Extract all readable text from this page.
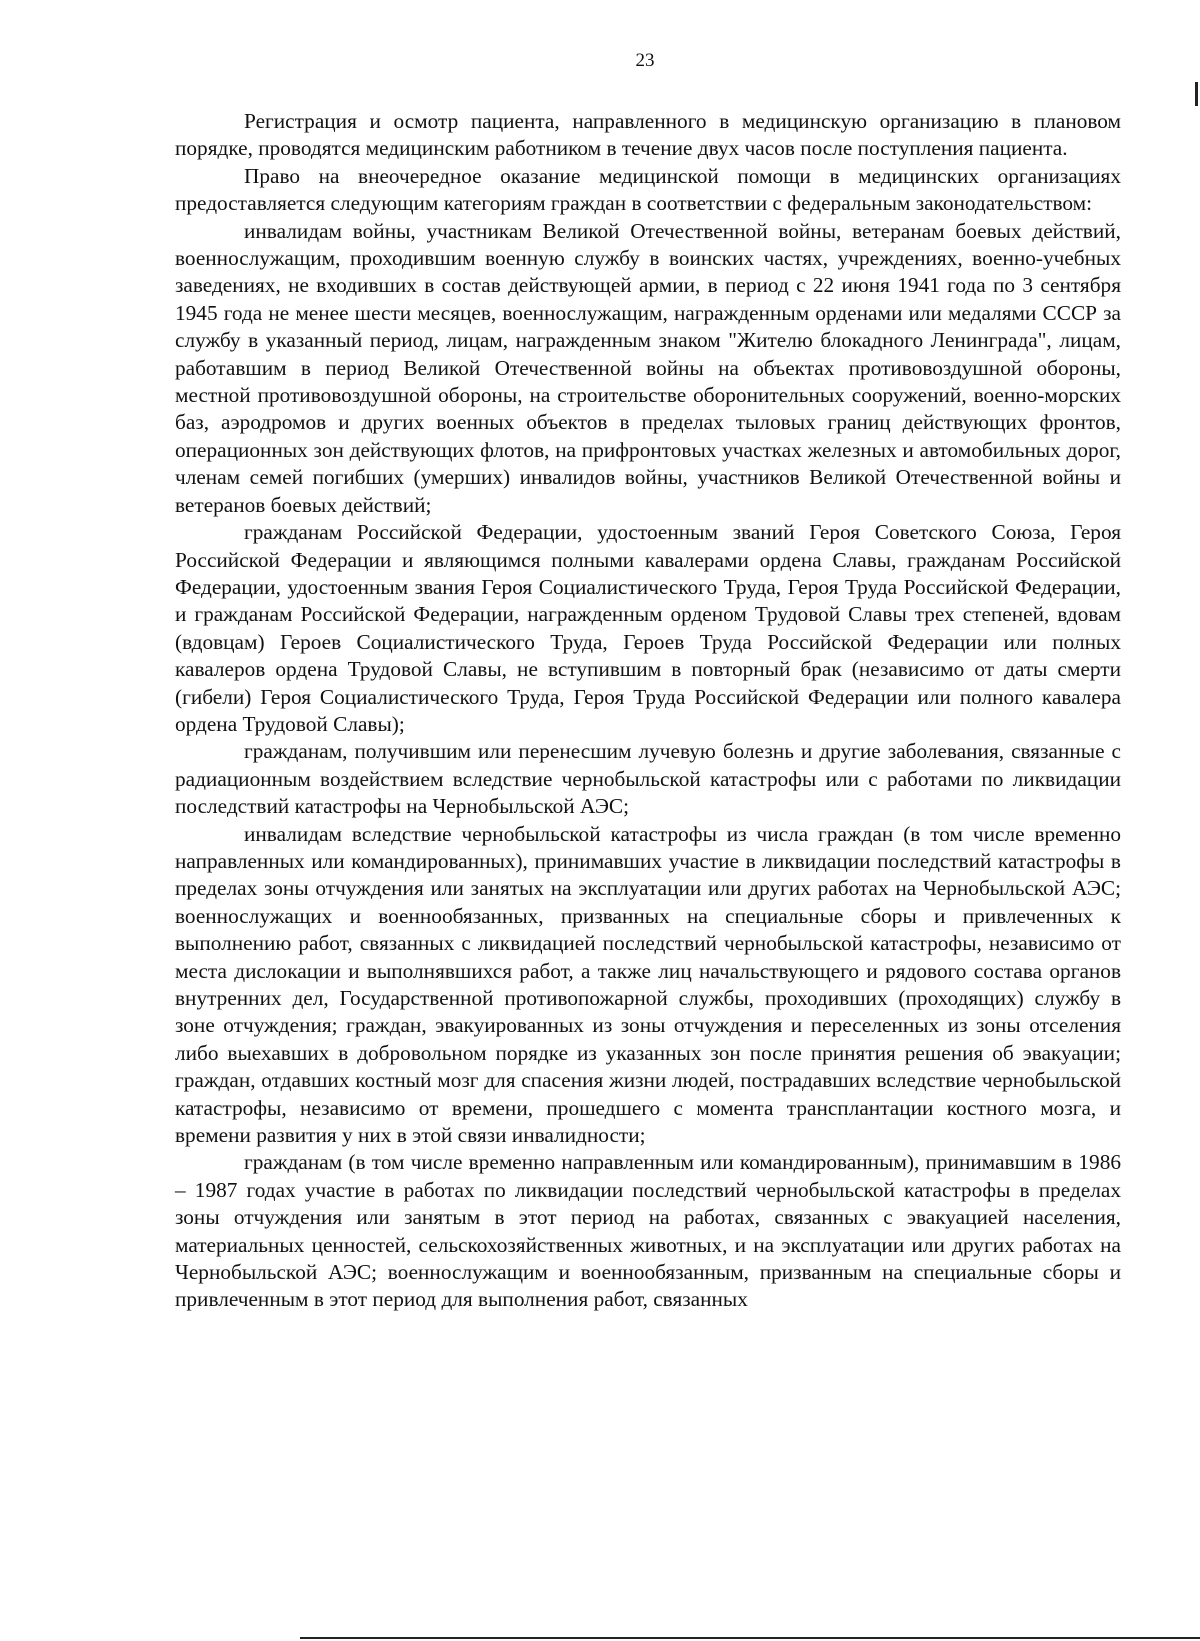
23

Регистрация и осмотр пациента, направленного в медицинскую организацию в плановом порядке, проводятся медицинским работником в течение двух часов после поступления пациента.

Право на внеочередное оказание медицинской помощи в медицинских организациях предоставляется следующим категориям граждан в соответствии с федеральным законодательством:

инвалидам войны, участникам Великой Отечественной войны, ветеранам боевых действий, военнослужащим, проходившим военную службу в воинских частях, учреждениях, военно-учебных заведениях, не входивших в состав действующей армии, в период с 22 июня 1941 года по 3 сентября 1945 года не менее шести месяцев, военнослужащим, награжденным орденами или медалями СССР за службу в указанный период, лицам, награжденным знаком "Жителю блокадного Ленинграда", лицам, работавшим в период Великой Отечественной войны на объектах противовоздушной обороны, местной противовоздушной обороны, на строительстве оборонительных сооружений, военно-морских баз, аэродромов и других военных объектов в пределах тыловых границ действующих фронтов, операционных зон действующих флотов, на прифронтовых участках железных и автомобильных дорог, членам семей погибших (умерших) инвалидов войны, участников Великой Отечественной войны и ветеранов боевых действий;

гражданам Российской Федерации, удостоенным званий Героя Советского Союза, Героя Российской Федерации и являющимся полными кавалерами ордена Славы, гражданам Российской Федерации, удостоенным звания Героя Социалистического Труда, Героя Труда Российской Федерации, и гражданам Российской Федерации, награжденным орденом Трудовой Славы трех степеней, вдовам (вдовцам) Героев Социалистического Труда, Героев Труда Российской Федерации или полных кавалеров ордена Трудовой Славы, не вступившим в повторный брак (независимо от даты смерти (гибели) Героя Социалистического Труда, Героя Труда Российской Федерации или полного кавалера ордена Трудовой Славы);

гражданам, получившим или перенесшим лучевую болезнь и другие заболевания, связанные с радиационным воздействием вследствие чернобыльской катастрофы или с работами по ликвидации последствий катастрофы на Чернобыльской АЭС;

инвалидам вследствие чернобыльской катастрофы из числа граждан (в том числе временно направленных или командированных), принимавших участие в ликвидации последствий катастрофы в пределах зоны отчуждения или занятых на эксплуатации или других работах на Чернобыльской АЭС; военнослужащих и военнообязанных, призванных на специальные сборы и привлеченных к выполнению работ, связанных с ликвидацией последствий чернобыльской катастрофы, независимо от места дислокации и выполнявшихся работ, а также лиц начальствующего и рядового состава органов внутренних дел, Государственной противопожарной службы, проходивших (проходящих) службу в зоне отчуждения; граждан, эвакуированных из зоны отчуждения и переселенных из зоны отселения либо выехавших в добровольном порядке из указанных зон после принятия решения об эвакуации; граждан, отдавших костный мозг для спасения жизни людей, пострадавших вследствие чернобыльской катастрофы, независимо от времени, прошедшего с момента трансплантации костного мозга, и времени развития у них в этой связи инвалидности;

гражданам (в том числе временно направленным или командированным), принимавшим в 1986 – 1987 годах участие в работах по ликвидации последствий чернобыльской катастрофы в пределах зоны отчуждения или занятым в этот период на работах, связанных с эвакуацией населения, материальных ценностей, сельскохозяйственных животных, и на эксплуатации или других работах на Чернобыльской АЭС; военнослужащим и военнообязанным, призванным на специальные сборы и привлеченным в этот период для выполнения работ, связанных
